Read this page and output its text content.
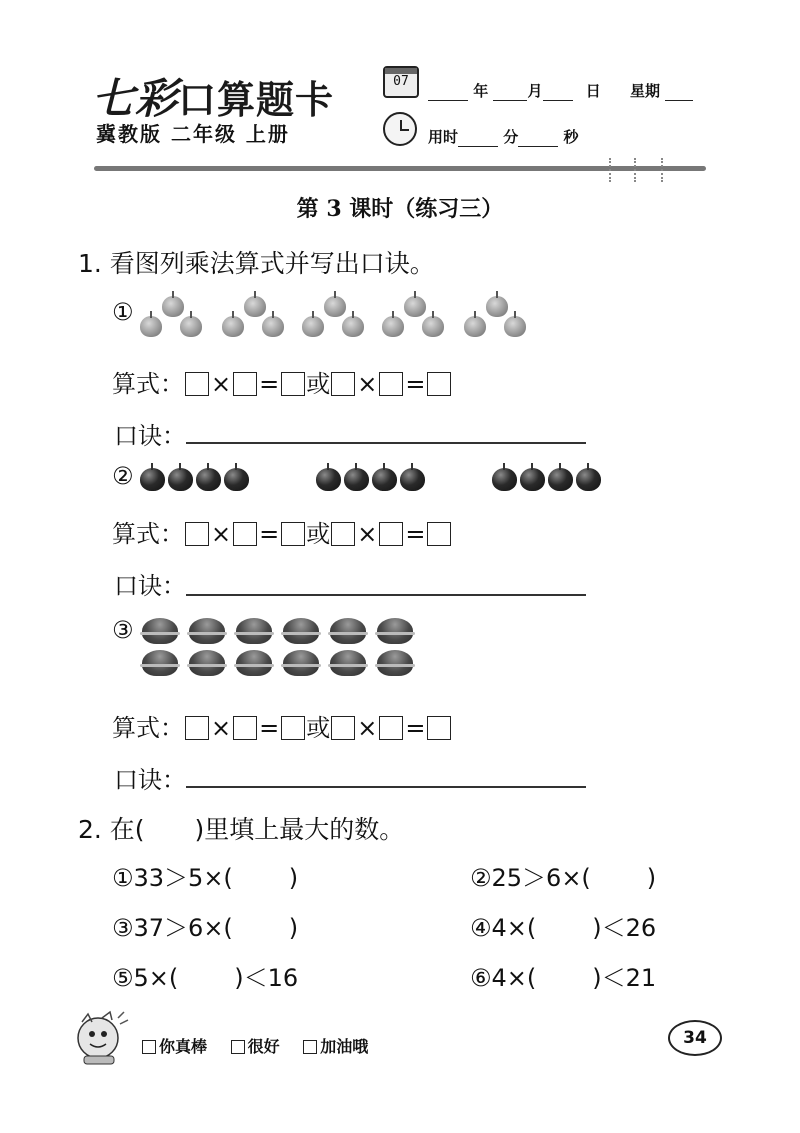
七彩口算题卡
冀教版 二年级 上册
07
年	月	日 星期
用时	分	秒
第 3 课时（练习三）
1. 看图列乘法算式并写出口诀。
①
算式： × = 或 × =
口诀：
②
算式： × = 或 × =
口诀：
③
算式： × = 或 × =
口诀：
2. 在(　　)里填上最大的数。
①33＞5×( )	②25＞6×( )
③37＞6×( )	④4×( )＜26
⑤5×( )＜16	⑥4×( )＜21
你真棒	很好	加油哦	34
